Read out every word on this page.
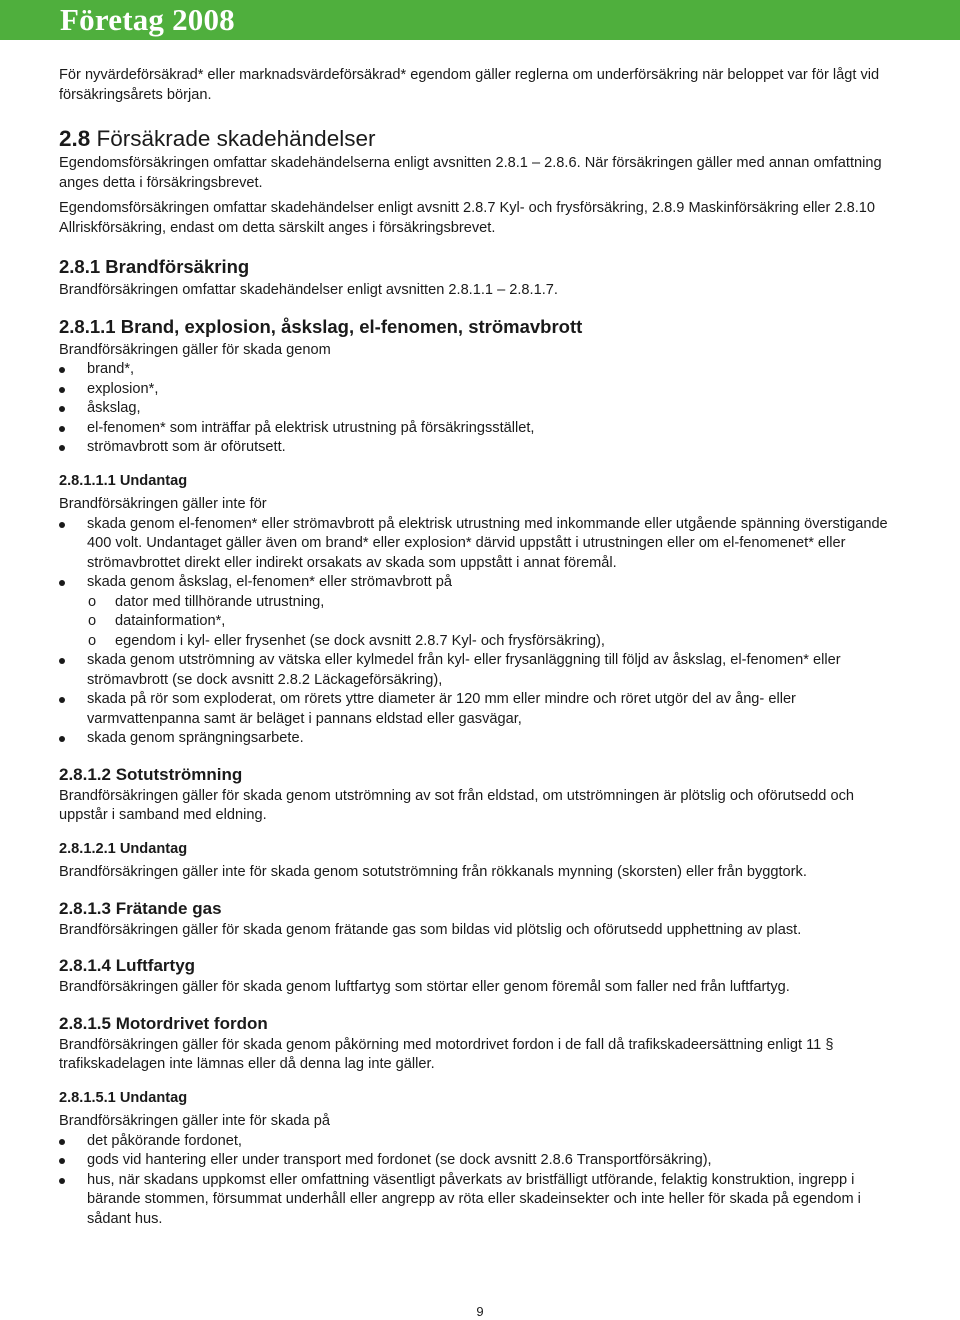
Företag 2008

För nyvärdeförsäkrad* eller marknadsvärdeförsäkrad* egendom gäller reglerna om underförsäkring när beloppet var för lågt vid försäkringsårets början.

2.8 Försäkrade skadehändelser

Egendomsförsäkringen omfattar skadehändelserna enligt avsnitten 2.8.1 – 2.8.6. När försäkringen gäller med annan omfattning anges detta i försäkringsbrevet.

Egendomsförsäkringen omfattar skadehändelser enligt avsnitt 2.8.7 Kyl- och frysförsäkring, 2.8.9 Maskinförsäkring eller 2.8.10 Allriskförsäkring, endast om detta särskilt anges i försäkringsbrevet.

2.8.1 Brandförsäkring

Brandförsäkringen omfattar skadehändelser enligt avsnitten 2.8.1.1 – 2.8.1.7.

2.8.1.1 Brand, explosion, åskslag, el-fenomen, strömavbrott

Brandförsäkringen gäller för skada genom

brand*,
explosion*,
åskslag,
el-fenomen* som inträffar på elektrisk utrustning på försäkringsstället,
strömavbrott som är oförutsett.
2.8.1.1.1 Undantag

Brandförsäkringen gäller inte för

skada genom el-fenomen* eller strömavbrott på elektrisk utrustning med inkommande eller utgående spänning överstigande 400 volt. Undantaget gäller även om brand* eller explosion* därvid uppstått i utrustningen eller om el-fenomenet* eller strömavbrottet direkt eller indirekt orsakats av skada som uppstått i annat föremål.
skada genom åskslag, el-fenomen* eller strömavbrott på
o dator med tillhörande utrustning,
o datainformation*,
o egendom i kyl- eller frysenhet (se dock avsnitt 2.8.7 Kyl- och frysförsäkring),
skada genom utströmning av vätska eller kylmedel från kyl- eller frysanläggning till följd av åskslag, el-fenomen* eller strömavbrott (se dock avsnitt 2.8.2 Läckageförsäkring),
skada på rör som exploderat, om rörets yttre diameter är 120 mm eller mindre och röret utgör del av ång- eller varmvattenpanna samt är beläget i pannans eldstad eller gasvägar,
skada genom sprängningsarbete.
2.8.1.2 Sotutströmning

Brandförsäkringen gäller för skada genom utströmning av sot från eldstad, om utströmningen är plötslig och oförutsedd och uppstår i samband med eldning.

2.8.1.2.1 Undantag

Brandförsäkringen gäller inte för skada genom sotutströmning från rökkanals mynning (skorsten) eller från byggtork.

2.8.1.3 Frätande gas

Brandförsäkringen gäller för skada genom frätande gas som bildas vid plötslig och oförutsedd upphettning av plast.

2.8.1.4 Luftfartyg

Brandförsäkringen gäller för skada genom luftfartyg som störtar eller genom föremål som faller ned från luftfartyg.

2.8.1.5 Motordrivet fordon

Brandförsäkringen gäller för skada genom påkörning med motordrivet fordon i de fall då trafikskadeersättning enligt 11 § trafikskadelagen inte lämnas eller då denna lag inte gäller.

2.8.1.5.1 Undantag

Brandförsäkringen gäller inte för skada på

det påkörande fordonet,
gods vid hantering eller under transport med fordonet (se dock avsnitt 2.8.6 Transportförsäkring),
hus, när skadans uppkomst eller omfattning väsentligt påverkats av bristfälligt utförande, felaktig konstruktion, ingrepp i bärande stommen, försummat underhåll eller angrepp av röta eller skadeinsekter och inte heller för skada på egendom i sådant hus.
9
